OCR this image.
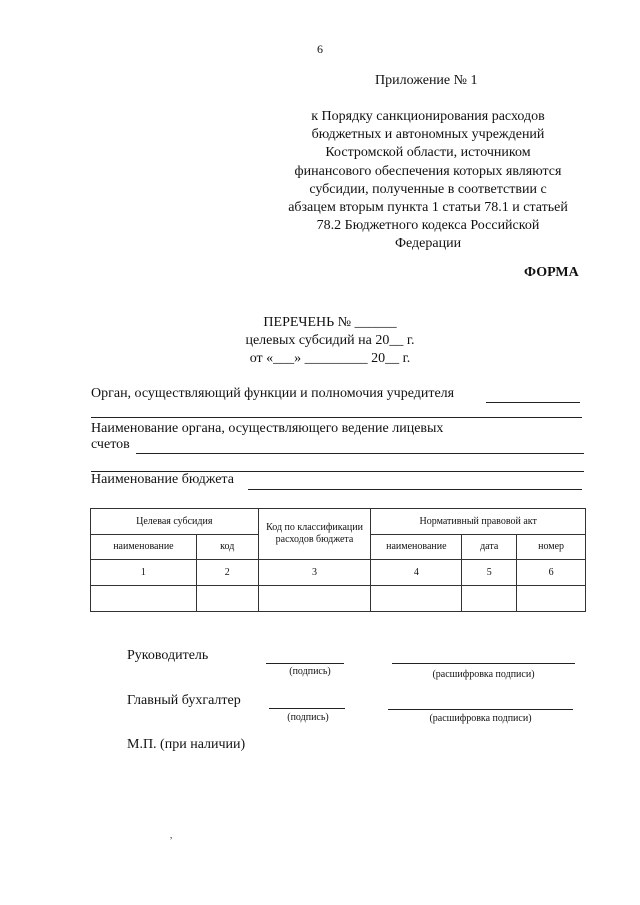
6
Приложение № 1
к Порядку санкционирования расходов
бюджетных и автономных учреждений
Костромской области, источником
финансового обеспечения которых являются
субсидии, полученные в соответствии с
абзацем вторым пункта 1 статьи 78.1 и статьей
78.2 Бюджетного кодекса Российской
Федерации
ФОРМА
ПЕРЕЧЕНЬ № ______
целевых субсидий на 20__ г.
от «___» _________ 20__ г.
Орган, осуществляющий функции и полномочия учредителя
Наименование органа, осуществляющего ведение лицевых
счетов
Наименование бюджета
Целевая субсидия		Код по классификации расходов бюджета	Нормативный правовой акт		
наименование	код		наименование	дата	номер
1	2	3	4	5	6

Руководитель
(подпись)	(расшифровка подписи)
Главный бухгалтер
(подпись)	(расшифровка подписи)
М.П. (при наличии)
,
